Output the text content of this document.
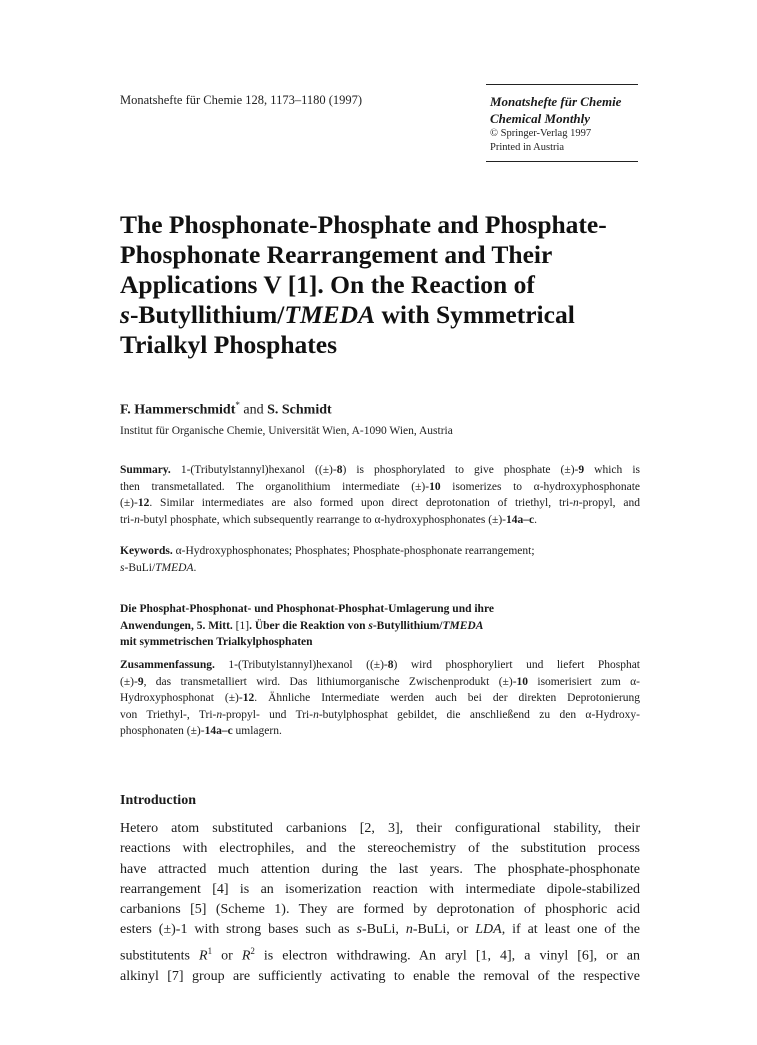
Monatshefte für Chemie 128, 1173–1180 (1997)	Monatshefte für Chemie
Chemical Monthly
© Springer-Verlag 1997
Printed in Austria
The Phosphonate-Phosphate and Phosphate-
Phosphonate Rearrangement and Their
Applications V [1]. On the Reaction of
s-Butyllithium/TMEDA with Symmetrical
Trialkyl Phosphates
F. Hammerschmidt* and S. Schmidt
Institut für Organische Chemie, Universität Wien, A-1090 Wien, Austria
Summary. 1-(Tributylstannyl)hexanol ((±)-8) is phosphorylated to give phosphate (±)-9 which is
then transmetallated. The organolithium intermediate (±)-10 isomerizes to α-hydroxyphosphonate
(±)-12. Similar intermediates are also formed upon direct deprotonation of triethyl, tri-n-propyl, and
tri-n-butyl phosphate, which subsequently rearrange to α-hydroxyphosphonates (±)-14a–c.
Keywords. α-Hydroxyphosphonates; Phosphates; Phosphate-phosphonate rearrangement;
s-BuLi/TMEDA.
Die Phosphat-Phosphonat- und Phosphonat-Phosphat-Umlagerung und ihre
Anwendungen, 5. Mitt. [1]. Über die Reaktion von s-Butyllithium/TMEDA
mit symmetrischen Trialkylphosphaten
Zusammenfassung. 1-(Tributylstannyl)hexanol ((±)-8) wird phosphoryliert und liefert Phosphat
(±)-9, das transmetalliert wird. Das lithiumorganische Zwischenprodukt (±)-10 isomerisiert zum α-
Hydroxyphosphonat (±)-12. Ähnliche Intermediate werden auch bei der direkten Deprotonierung
von Triethyl-, Tri-n-propyl- und Tri-n-butylphosphat gebildet, die anschließend zu den α-Hydroxy-
phosphonaten (±)-14a–c umlagern.
Introduction
Hetero atom substituted carbanions [2, 3], their configurational stability, their
reactions with electrophiles, and the stereochemistry of the substitution process
have attracted much attention during the last years. The phosphate-phosphonate
rearrangement [4] is an isomerization reaction with intermediate dipole-stabilized
carbanions [5] (Scheme 1). They are formed by deprotonation of phosphoric acid
esters (±)-1 with strong bases such as s-BuLi, n-BuLi, or LDA, if at least one of the
substitutents $R^1$ or $R^2$ is electron withdrawing. An aryl [1, 4], a vinyl [6], or an
alkinyl [7] group are sufficiently activating to enable the removal of the respective
